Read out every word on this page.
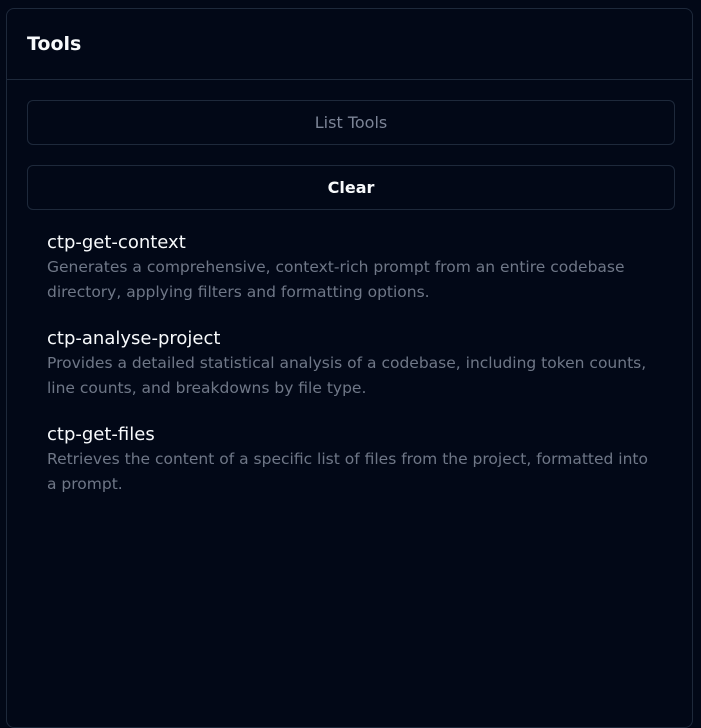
Tools
List Tools
Clear
ctp-get-context
Generates a comprehensive, context-rich prompt from an entire codebase directory, applying filters and formatting options.
ctp-analyse-project
Provides a detailed statistical analysis of a codebase, including token counts, line counts, and breakdowns by file type.
ctp-get-files
Retrieves the content of a specific list of files from the project, formatted into a prompt.
